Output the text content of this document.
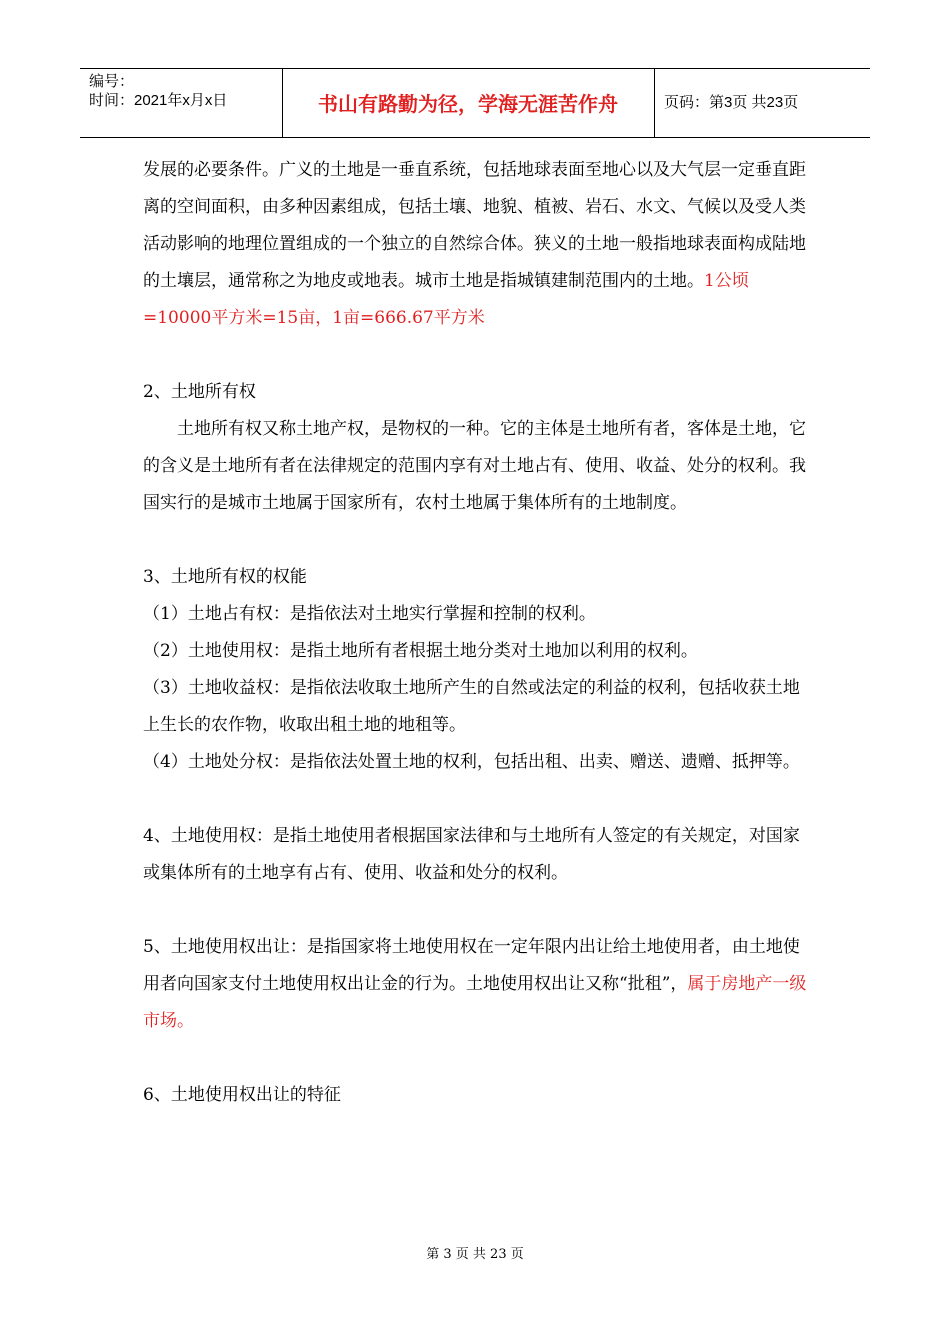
编号：
时间：2021年x月x日	书山有路勤为径，学海无涯苦作舟	页码：第3页 共23页

发展的必要条件。广义的土地是一垂直系统，包括地球表面至地心以及大气层一定垂直距离的空间面积，由多种因素组成，包括土壤、地貌、植被、岩石、水文、气候以及受人类活动影响的地理位置组成的一个独立的自然综合体。狭义的土地一般指地球表面构成陆地的土壤层，通常称之为地皮或地表。城市土地是指城镇建制范围内的土地。1公顷=10000平方米=15亩，1亩=666.67平方米

2、土地所有权

土地所有权又称土地产权，是物权的一种。它的主体是土地所有者，客体是土地，它的含义是土地所有者在法律规定的范围内享有对土地占有、使用、收益、处分的权利。我国实行的是城市土地属于国家所有，农村土地属于集体所有的土地制度。

3、土地所有权的权能

（1）土地占有权：是指依法对土地实行掌握和控制的权利。

（2）土地使用权：是指土地所有者根据土地分类对土地加以利用的权利。

（3）土地收益权：是指依法收取土地所产生的自然或法定的利益的权利，包括收获土地上生长的农作物，收取出租土地的地租等。

（4）土地处分权：是指依法处置土地的权利，包括出租、出卖、赠送、遗赠、抵押等。

4、土地使用权：是指土地使用者根据国家法律和与土地所有人签定的有关规定，对国家或集体所有的土地享有占有、使用、收益和处分的权利。

5、土地使用权出让：是指国家将土地使用权在一定年限内出让给土地使用者，由土地使用者向国家支付土地使用权出让金的行为。土地使用权出让又称“批租”，属于房地产一级市场。

6、土地使用权出让的特征

第 3 页 共 23 页
